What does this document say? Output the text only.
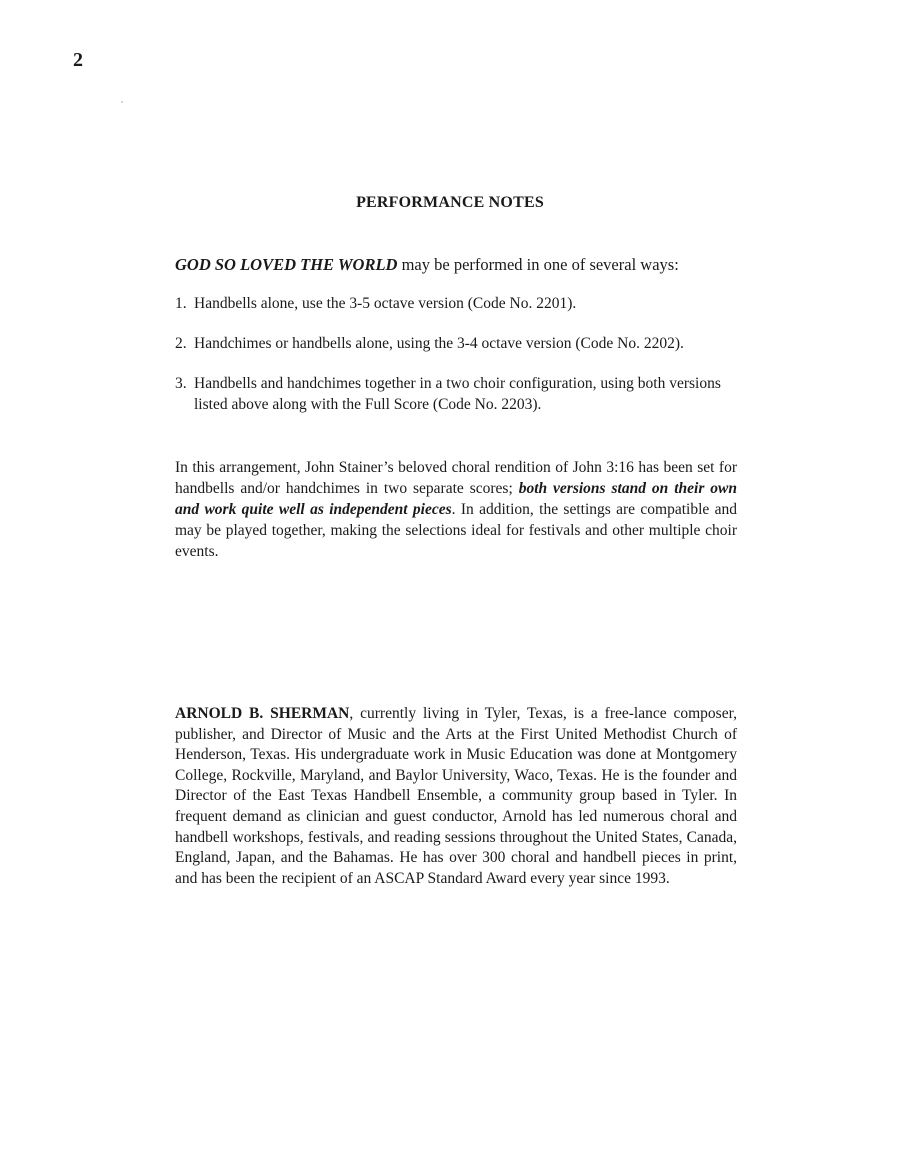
2
PERFORMANCE NOTES
GOD SO LOVED THE WORLD may be performed in one of several ways:
1. Handbells alone, use the 3-5 octave version (Code No. 2201).
2. Handchimes or handbells alone, using the 3-4 octave version (Code No. 2202).
3. Handbells and handchimes together in a two choir configuration, using both versions listed above along with the Full Score (Code No. 2203).

In this arrangement, John Stainer’s beloved choral rendition of John 3:16 has been set for handbells and/or handchimes in two separate scores; both versions stand on their own and work quite well as independent pieces. In addition, the settings are compatible and may be played together, making the selections ideal for festivals and other multiple choir events.

ARNOLD B. SHERMAN, currently living in Tyler, Texas, is a free-lance composer, publisher, and Director of Music and the Arts at the First United Methodist Church of Henderson, Texas. His undergraduate work in Music Education was done at Montgomery College, Rockville, Maryland, and Baylor University, Waco, Texas. He is the founder and Director of the East Texas Handbell Ensemble, a community group based in Tyler. In frequent demand as clinician and guest conductor, Arnold has led numerous choral and handbell workshops, festivals, and reading sessions throughout the United States, Canada, England, Japan, and the Bahamas. He has over 300 choral and handbell pieces in print, and has been the recipient of an ASCAP Standard Award every year since 1993.
